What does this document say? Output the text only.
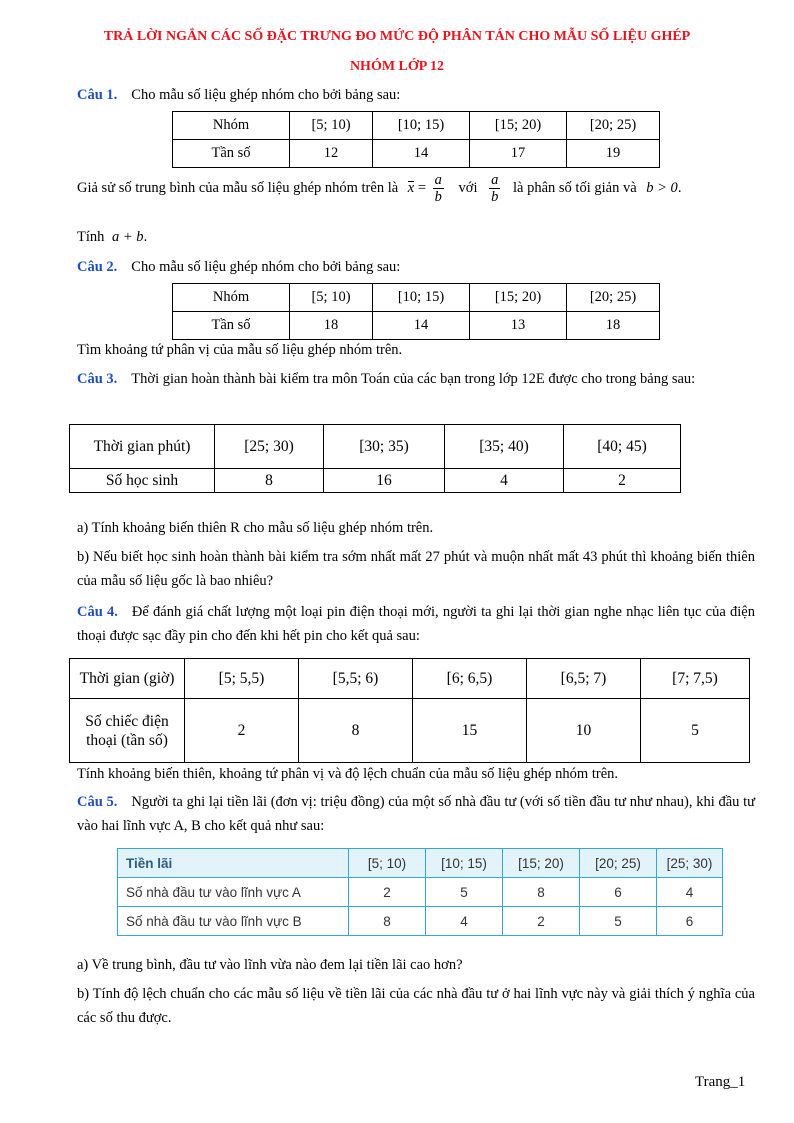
TRẢ LỜI NGẮN CÁC SỐ ĐẶC TRƯNG ĐO MỨC ĐỘ PHÂN TÁN CHO MẪU SỐ LIỆU GHÉP
NHÓM LỚP 12
Câu 1. Cho mẫu số liệu ghép nhóm cho bởi bảng sau:
Nhóm	[5; 10)	[10; 15)	[15; 20)	[20; 25)
Tần số	12	14	17	19
Giả sử số trung bình của mẫu số liệu ghép nhóm trên là $x = \frac{a}{b}$ với $\frac{a}{b}$ là phân số tối giản và b > 0.
Tính a + b.
Câu 2. Cho mẫu số liệu ghép nhóm cho bởi bảng sau:
Nhóm	[5; 10)	[10; 15)	[15; 20)	[20; 25)
Tần số	18	14	13	18
Tìm khoảng tứ phân vị của mẫu số liệu ghép nhóm trên.
Câu 3. Thời gian hoàn thành bài kiểm tra môn Toán của các bạn trong lớp 12E được cho trong bảng sau:
Thời gian phút)	[25; 30)	[30; 35)	[35; 40)	[40; 45)
Số học sinh	8	16	4	2
a) Tính khoảng biến thiên R cho mẫu số liệu ghép nhóm trên.
b) Nếu biết học sinh hoàn thành bài kiểm tra sớm nhất mất 27 phút và muộn nhất mất 43 phút thì khoảng biến thiên của mẫu số liệu gốc là bao nhiêu?
Câu 4. Để đánh giá chất lượng một loại pin điện thoại mới, người ta ghi lại thời gian nghe nhạc liên tục của điện thoại được sạc đầy pin cho đến khi hết pin cho kết quả sau:
Thời gian (giờ)	[5; 5,5)	[5,5; 6)	[6; 6,5)	[6,5; 7)	[7; 7,5)
Số chiếc điện thoại (tần số)	2	8	15	10	5
Tính khoảng biến thiên, khoảng tứ phân vị và độ lệch chuẩn của mẫu số liệu ghép nhóm trên.
Câu 5. Người ta ghi lại tiền lãi (đơn vị: triệu đồng) của một số nhà đầu tư (với số tiền đầu tư như nhau), khi đầu tư vào hai lĩnh vực A, B cho kết quả như sau:
Tiền lãi	[5; 10)	[10; 15)	[15; 20)	[20; 25)	[25; 30)
Số nhà đầu tư vào lĩnh vực A	2	5	8	6	4
Số nhà đầu tư vào lĩnh vực B	8	4	2	5	6
a) Về trung bình, đầu tư vào lĩnh vừa nào đem lại tiền lãi cao hơn?
b) Tính độ lệch chuẩn cho các mẫu số liệu về tiền lãi của các nhà đầu tư ở hai lĩnh vực này và giải thích ý nghĩa của các số thu được.
Trang_1
